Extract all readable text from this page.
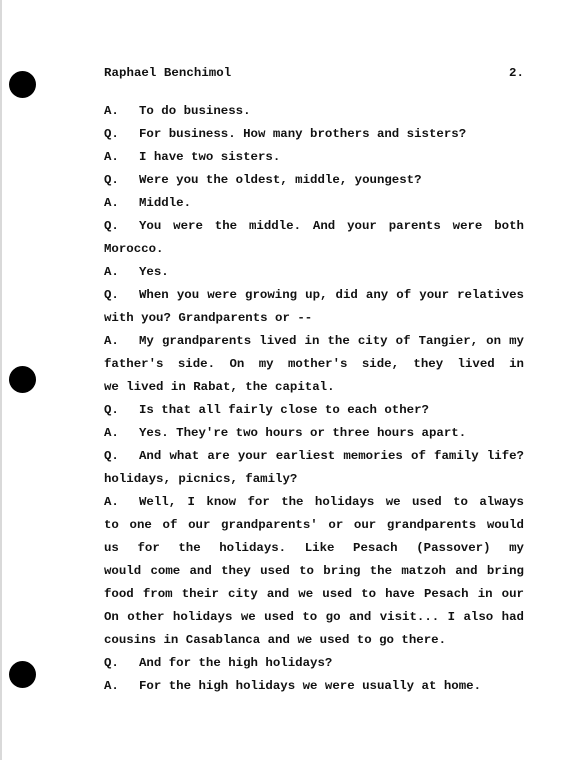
Raphael Benchimol	2.
A. To do business.
Q. For business. How many brothers and sisters?
A. I have two sisters.
Q. Were you the oldest, middle, youngest?
A. Middle.
Q. You were the middle. And your parents were both
Morocco.
A. Yes.
Q. When you were growing up, did any of your relatives
with you? Grandparents or --
A. My grandparents lived in the city of Tangier, on my
father's side. On my mother's side, they lived in
we lived in Rabat, the capital.
Q. Is that all fairly close to each other?
A. Yes. They're two hours or three hours apart.
Q. And what are your earliest memories of family life?
holidays, picnics, family?
A. Well, I know for the holidays we used to always
to one of our grandparents' or our grandparents would
us for the holidays. Like Pesach (Passover) my
would come and they used to bring the matzoh and bring
food from their city and we used to have Pesach in our
On other holidays we used to go and visit... I also had
cousins in Casablanca and we used to go there.
Q. And for the high holidays?
A. For the high holidays we were usually at home.
